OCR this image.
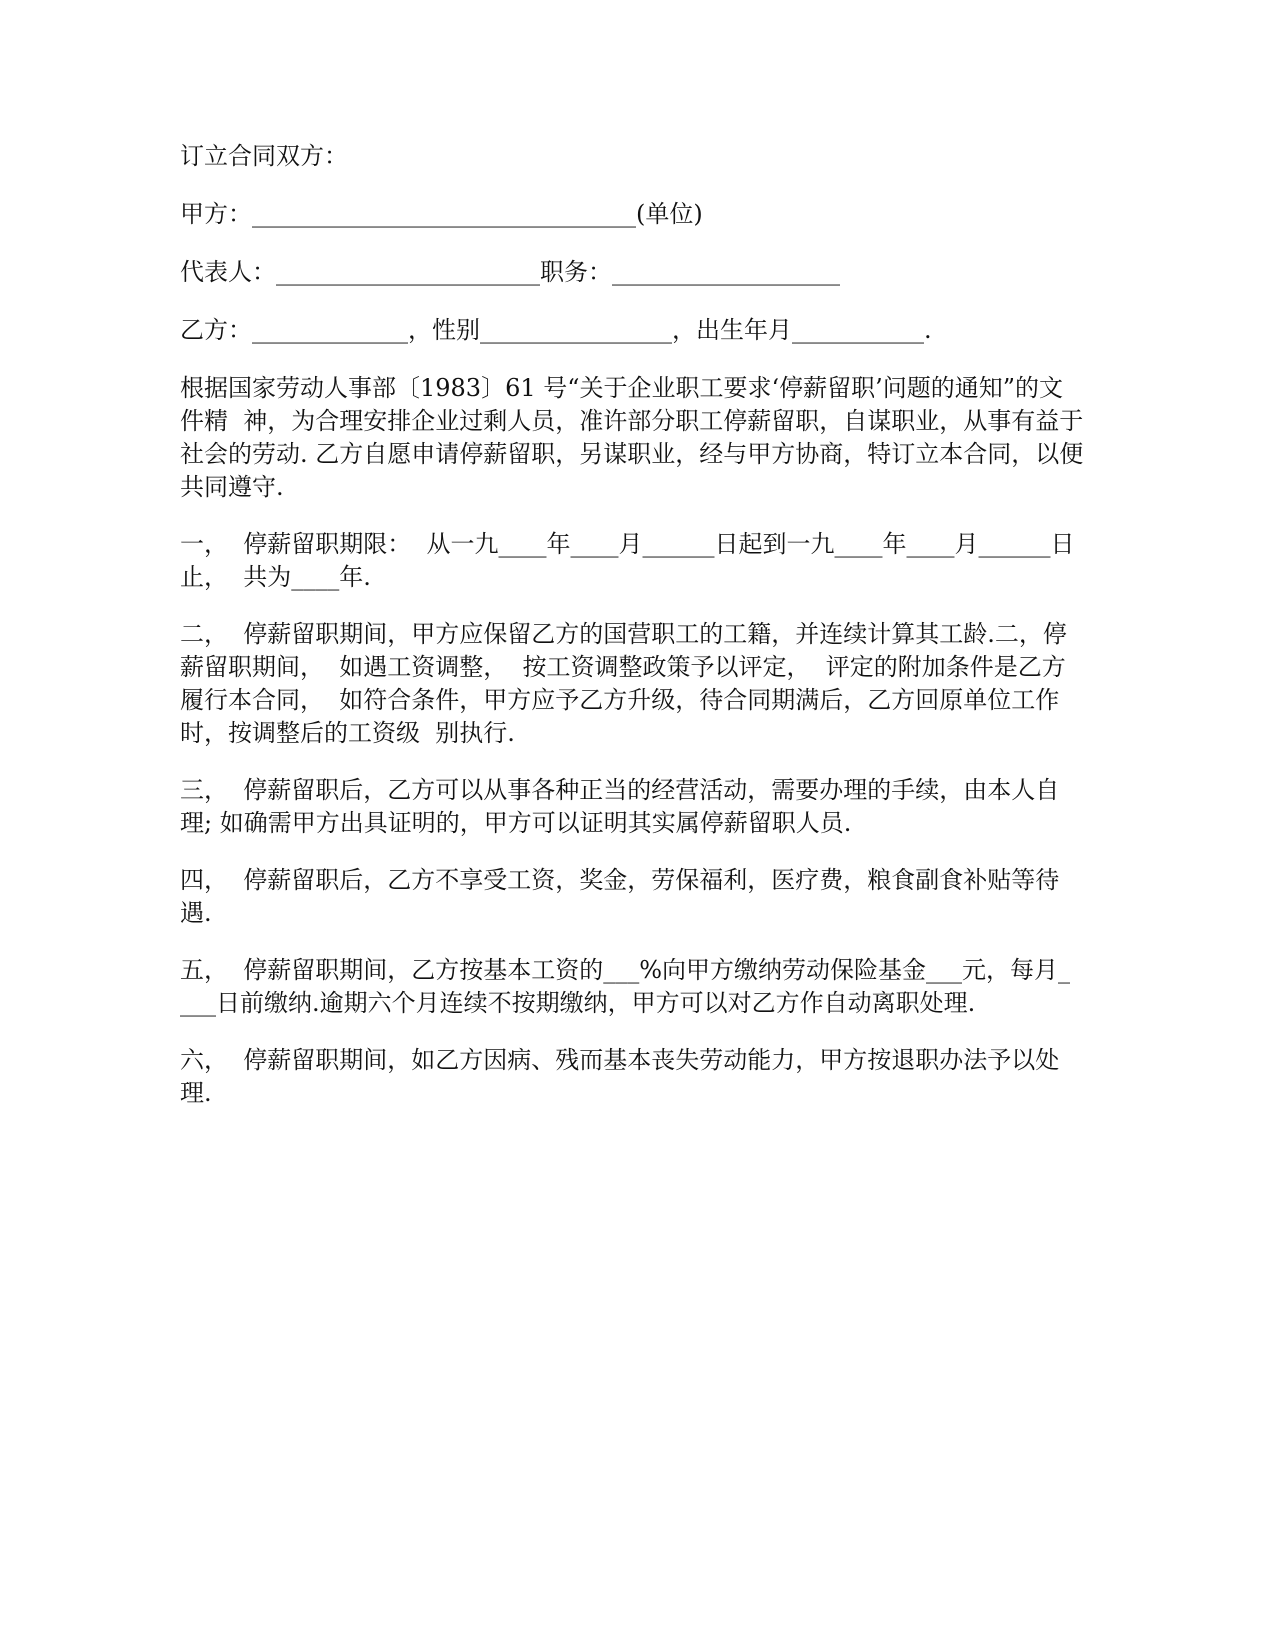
订立合同双方：

甲方：________________________________(单位)

代表人：______________________职务：___________________

乙方：_____________，性别________________，出生年月___________.

根据国家劳动人事部〔1983〕61 号“关于企业职工要求‘停薪留职’问题的通知”的文件精  神，为合理安排企业过剩人员，准许部分职工停薪留职，自谋职业，从事有益于社会的劳动. 乙方自愿申请停薪留职，另谋职业，经与甲方协商，特订立本合同，以便共同遵守.

一，  停薪留职期限：  从一九____年____月______日起到一九____年____月______日止，  共为____年.

二，  停薪留职期间，甲方应保留乙方的国营职工的工籍，并连续计算其工龄.二，停  薪留职期间，  如遇工资调整，  按工资调整政策予以评定，  评定的附加条件是乙方履行本合同，  如符合条件，甲方应予乙方升级，待合同期满后，乙方回原单位工作时，按调整后的工资级  别执行.

三，  停薪留职后，乙方可以从事各种正当的经营活动，需要办理的手续，由本人自理; 如确需甲方出具证明的，甲方可以证明其实属停薪留职人员.

四，  停薪留职后，乙方不享受工资，奖金，劳保福利，医疗费，粮食副食补贴等待遇.

五，  停薪留职期间，乙方按基本工资的___%向甲方缴纳劳动保险基金___元，每月_ ___日前缴纳.逾期六个月连续不按期缴纳，甲方可以对乙方作自动离职处理.

六，  停薪留职期间，如乙方因病、残而基本丧失劳动能力，甲方按退职办法予以处理.
